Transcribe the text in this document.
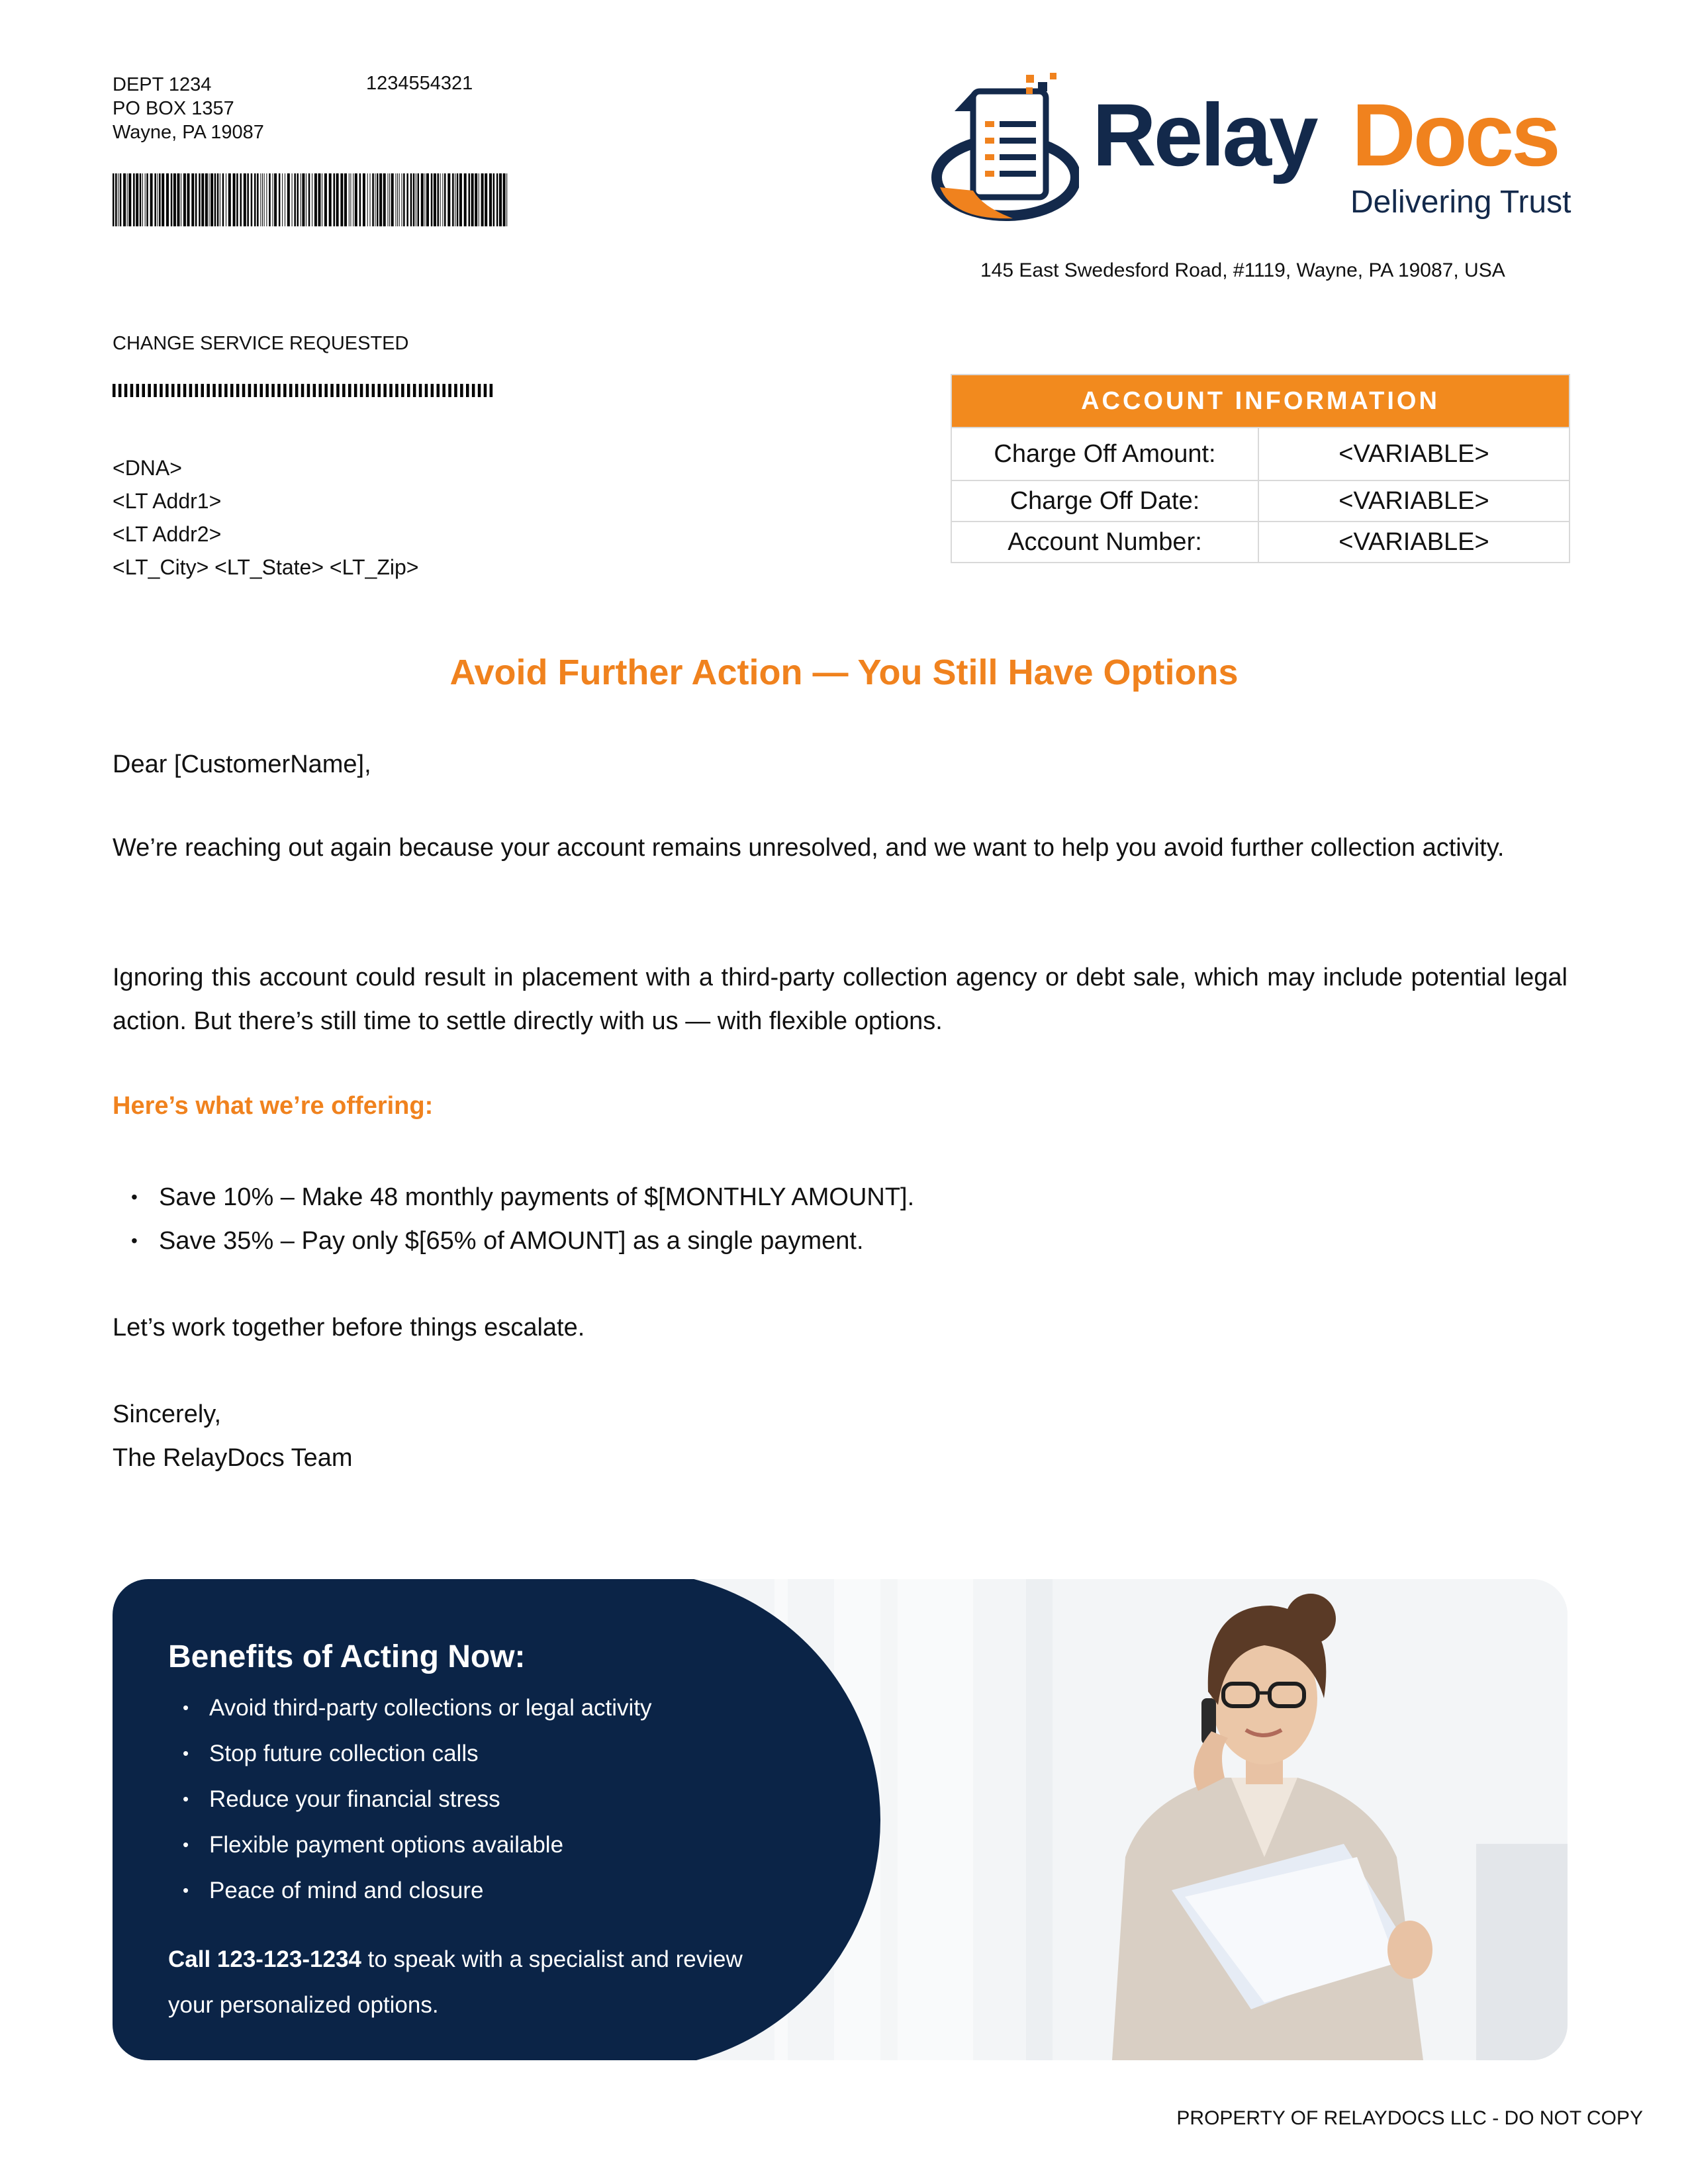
DEPT 1234
PO BOX 1357
Wayne, PA 19087
1234554321
CHANGE SERVICE REQUESTED
<DNA>
<LT Addr1>
<LT Addr2>
<LT_City> <LT_State> <LT_Zip>
Relay Docs
Delivering Trust
145 East Swedesford Road, #1119, Wayne, PA 19087, USA
ACCOUNT INFORMATION
Charge Off Amount:	<VARIABLE>
Charge Off Date:	<VARIABLE>
Account Number:	<VARIABLE>
Avoid Further Action — You Still Have Options
Dear [CustomerName],
We’re reaching out again because your account remains unresolved, and we want to help you avoid further collection activity.
Ignoring this account could result in placement with a third-party collection agency or debt sale, which may include potential legal action. But there’s still time to settle directly with us — with flexible options.
Here’s what we’re offering:
• Save 10% – Make 48 monthly payments of $[MONTHLY AMOUNT].
• Save 35% – Pay only $[65% of AMOUNT] as a single payment.
Let’s work together before things escalate.
Sincerely,
The RelayDocs Team
Benefits of Acting Now:
• Avoid third-party collections or legal activity
• Stop future collection calls
• Reduce your financial stress
• Flexible payment options available
• Peace of mind and closure
Call 123-123-1234 to speak with a specialist and review your personalized options.
PROPERTY OF RELAYDOCS LLC - DO NOT COPY
